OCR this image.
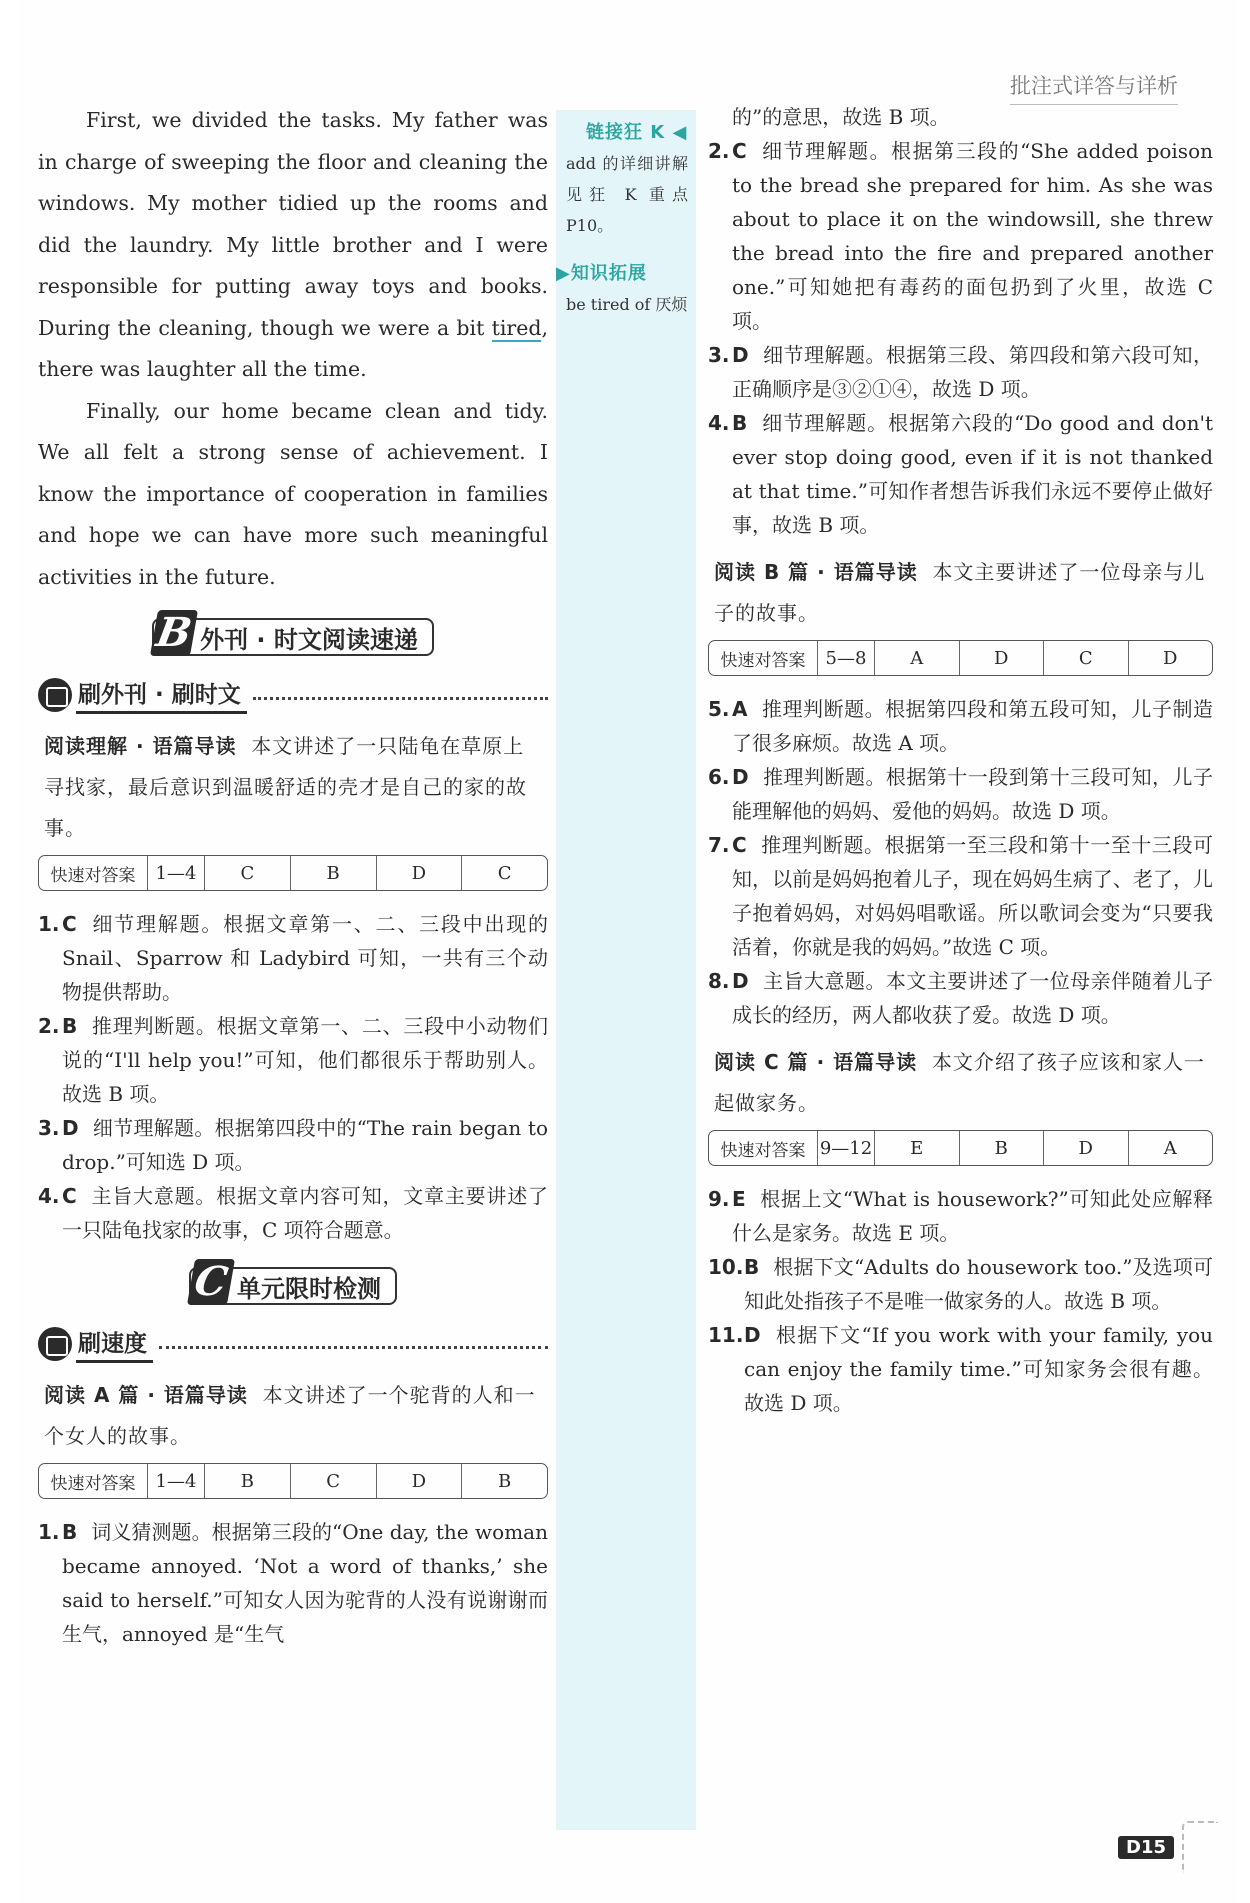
批注式详答与详析

First, we divided the tasks. My father was in charge of sweeping the floor and cleaning the windows. My mother tidied up the rooms and did the laundry. My little brother and I were responsible for putting away toys and books. During the cleaning, though we were a bit tired, there was laughter all the time.

Finally, our home became clean and tidy. We all felt a strong sense of achievement. I know the importance of cooperation in families and hope we can have more such meaningful activities in the future.

B 外刊 · 时文阅读速递
刷外刊 · 刷时文

阅读理解 · 语篇导读 本文讲述了一只陆龟在草原上寻找家，最后意识到温暖舒适的壳才是自己的家的故事。

快速对答案	1—4	C	B	D	C
1. C 细节理解题。根据文章第一、二、三段中出现的 Snail、Sparrow 和 Ladybird 可知，一共有三个动物提供帮助。
2. B 推理判断题。根据文章第一、二、三段中小动物们说的“I'll help you!”可知，他们都很乐于帮助别人。故选 B 项。
3. D 细节理解题。根据第四段中的“The rain began to drop.”可知选 D 项。
4. C 主旨大意题。根据文章内容可知，文章主要讲述了一只陆龟找家的故事，C 项符合题意。
C 单元限时检测
刷速度

阅读 A 篇 · 语篇导读 本文讲述了一个驼背的人和一个女人的故事。

快速对答案	1—4	B	C	D	B
1. B 词义猜测题。根据第三段的“One day, the woman became annoyed. ‘Not a word of thanks,’ she said to herself.”可知女人因为驼背的人没有说谢谢而生气，annoyed 是“生气
链接狂 K ◀

add 的详细讲解见狂 K 重点 P10。

▶知识拓展

be tired of 厌烦

的”的意思，故选 B 项。
2. C 细节理解题。根据第三段的“She added poison to the bread she prepared for him. As she was about to place it on the windowsill, she threw the bread into the fire and prepared another one.”可知她把有毒药的面包扔到了火里，故选 C 项。
3. D 细节理解题。根据第三段、第四段和第六段可知，正确顺序是③②①④，故选 D 项。
4. B 细节理解题。根据第六段的“Do good and don't ever stop doing good, even if it is not thanked at that time.”可知作者想告诉我们永远不要停止做好事，故选 B 项。

阅读 B 篇 · 语篇导读 本文主要讲述了一位母亲与儿子的故事。

快速对答案	5—8	A	D	C	D
5. A 推理判断题。根据第四段和第五段可知，儿子制造了很多麻烦。故选 A 项。
6. D 推理判断题。根据第十一段到第十三段可知，儿子能理解他的妈妈、爱他的妈妈。故选 D 项。
7. C 推理判断题。根据第一至三段和第十一至十三段可知，以前是妈妈抱着儿子，现在妈妈生病了、老了，儿子抱着妈妈，对妈妈唱歌谣。所以歌词会变为“只要我活着，你就是我的妈妈。”故选 C 项。
8. D 主旨大意题。本文主要讲述了一位母亲伴随着儿子成长的经历，两人都收获了爱。故选 D 项。

阅读 C 篇 · 语篇导读 本文介绍了孩子应该和家人一起做家务。

快速对答案 9—12	E	B	D	A
9. E 根据上文“What is housework?”可知此处应解释什么是家务。故选 E 项。
10. B 根据下文“Adults do housework too.”及选项可知此处指孩子不是唯一做家务的人。故选 B 项。
11. D 根据下文“If you work with your family, you can enjoy the family time.”可知家务会很有趣。故选 D 项。
D15
